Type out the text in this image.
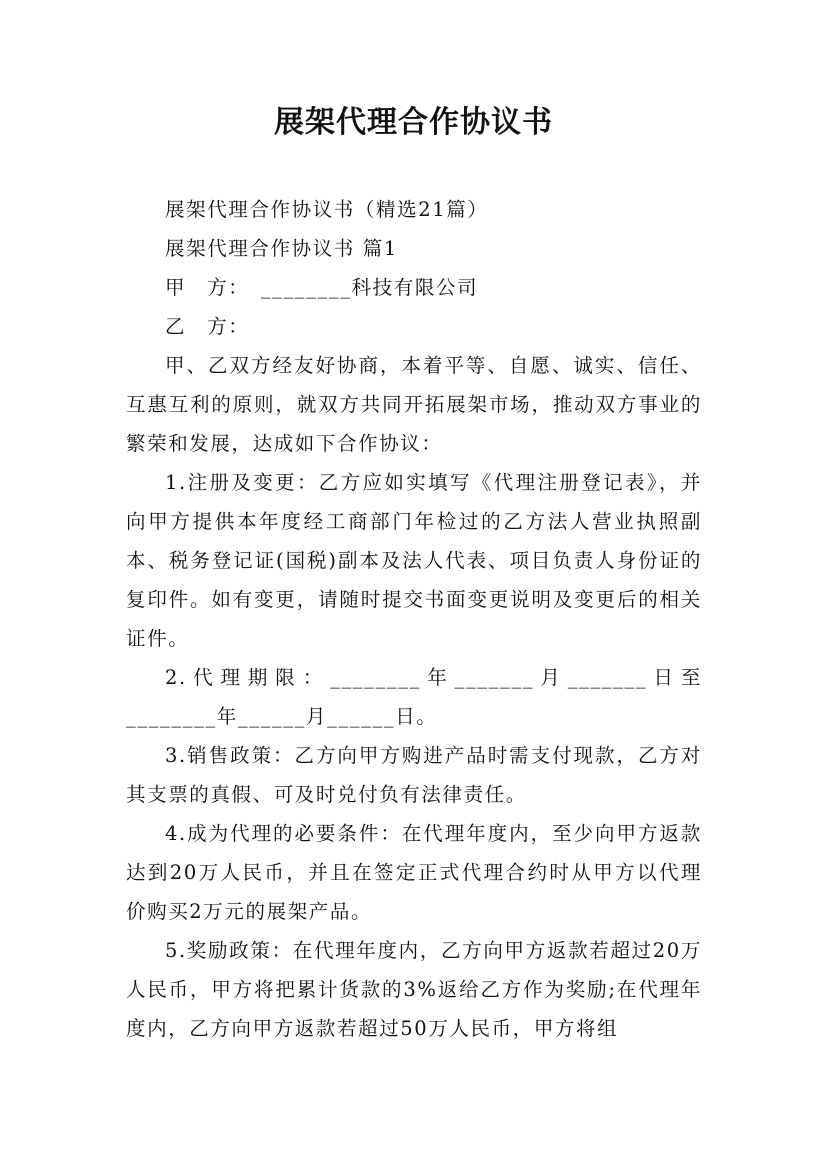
展架代理合作协议书

展架代理合作协议书（精选21篇）

展架代理合作协议书 篇1

甲　方：　________科技有限公司

乙　方：

甲、乙双方经友好协商，本着平等、自愿、诚实、信任、互惠互利的原则，就双方共同开拓展架市场，推动双方事业的繁荣和发展，达成如下合作协议：

1.注册及变更：乙方应如实填写《代理注册登记表》，并向甲方提供本年度经工商部门年检过的乙方法人营业执照副本、税务登记证(国税)副本及法人代表、项目负责人身份证的复印件。如有变更，请随时提交书面变更说明及变更后的相关证件。

2.代理期限：________年_______月_______日至________年______月______日。

3.销售政策：乙方向甲方购进产品时需支付现款，乙方对其支票的真假、可及时兑付负有法律责任。

4.成为代理的必要条件：在代理年度内，至少向甲方返款达到20万人民币，并且在签定正式代理合约时从甲方以代理价购买2万元的展架产品。

5.奖励政策：在代理年度内，乙方向甲方返款若超过20万人民币，甲方将把累计货款的3%返给乙方作为奖励;在代理年度内，乙方向甲方返款若超过50万人民币，甲方将组
